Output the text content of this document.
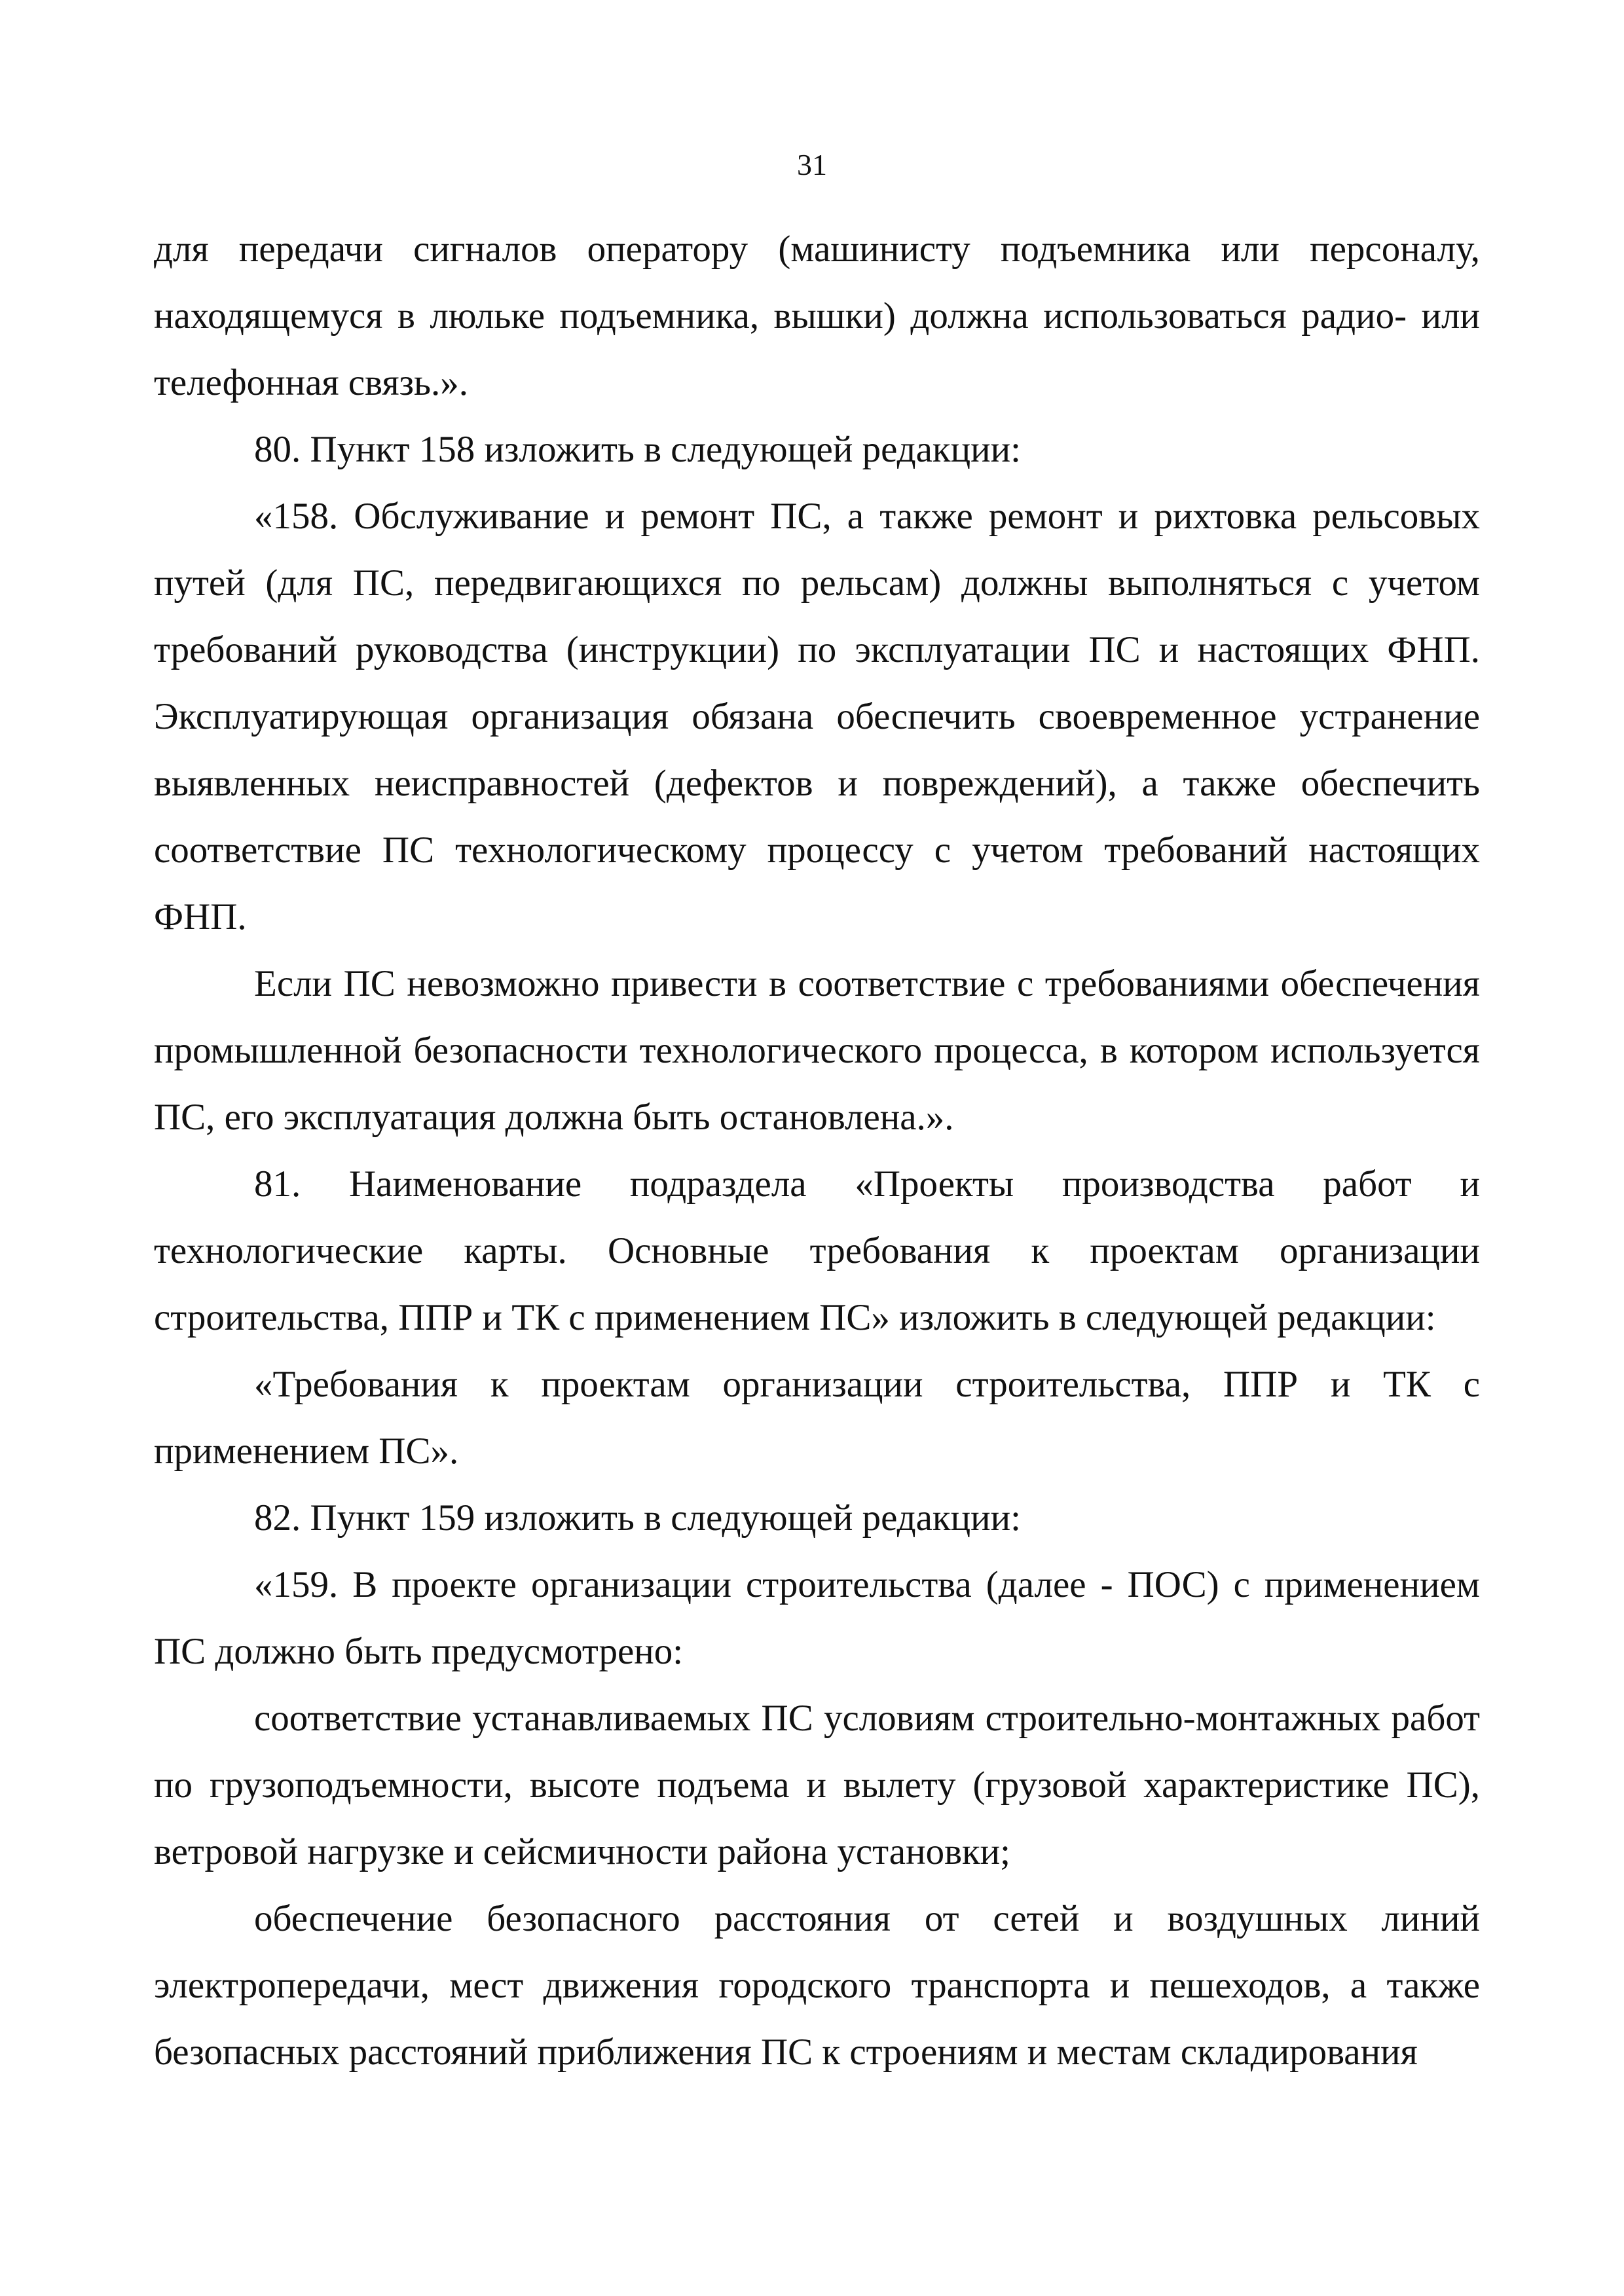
31

для передачи сигналов оператору (машинисту подъемника или персоналу, находящемуся в люльке подъемника, вышки) должна использоваться радио- или телефонная связь.».

80. Пункт 158 изложить в следующей редакции:

«158. Обслуживание и ремонт ПС, а также ремонт и рихтовка рельсовых путей (для ПС, передвигающихся по рельсам) должны выполняться с учетом требований руководства (инструкции) по эксплуатации ПС и настоящих ФНП. Эксплуатирующая организация обязана обеспечить своевременное устранение выявленных неисправностей (дефектов и повреждений), а также обеспечить соответствие ПС технологическому процессу с учетом требований настоящих ФНП.

Если ПС невозможно привести в соответствие с требованиями обеспечения промышленной безопасности технологического процесса, в котором используется ПС, его эксплуатация должна быть остановлена.».

81. Наименование подраздела «Проекты производства работ и технологические карты. Основные требования к проектам организации строительства, ППР и ТК с применением ПС» изложить в следующей редакции:

«Требования к проектам организации строительства, ППР и ТК с применением ПС».

82. Пункт 159 изложить в следующей редакции:

«159. В проекте организации строительства (далее - ПОС) с применением ПС должно быть предусмотрено:

соответствие устанавливаемых ПС условиям строительно-монтажных работ по грузоподъемности, высоте подъема и вылету (грузовой характеристике ПС), ветровой нагрузке и сейсмичности района установки;

обеспечение безопасного расстояния от сетей и воздушных линий электропередачи, мест движения городского транспорта и пешеходов, а также безопасных расстояний приближения ПС к строениям и местам складирования
